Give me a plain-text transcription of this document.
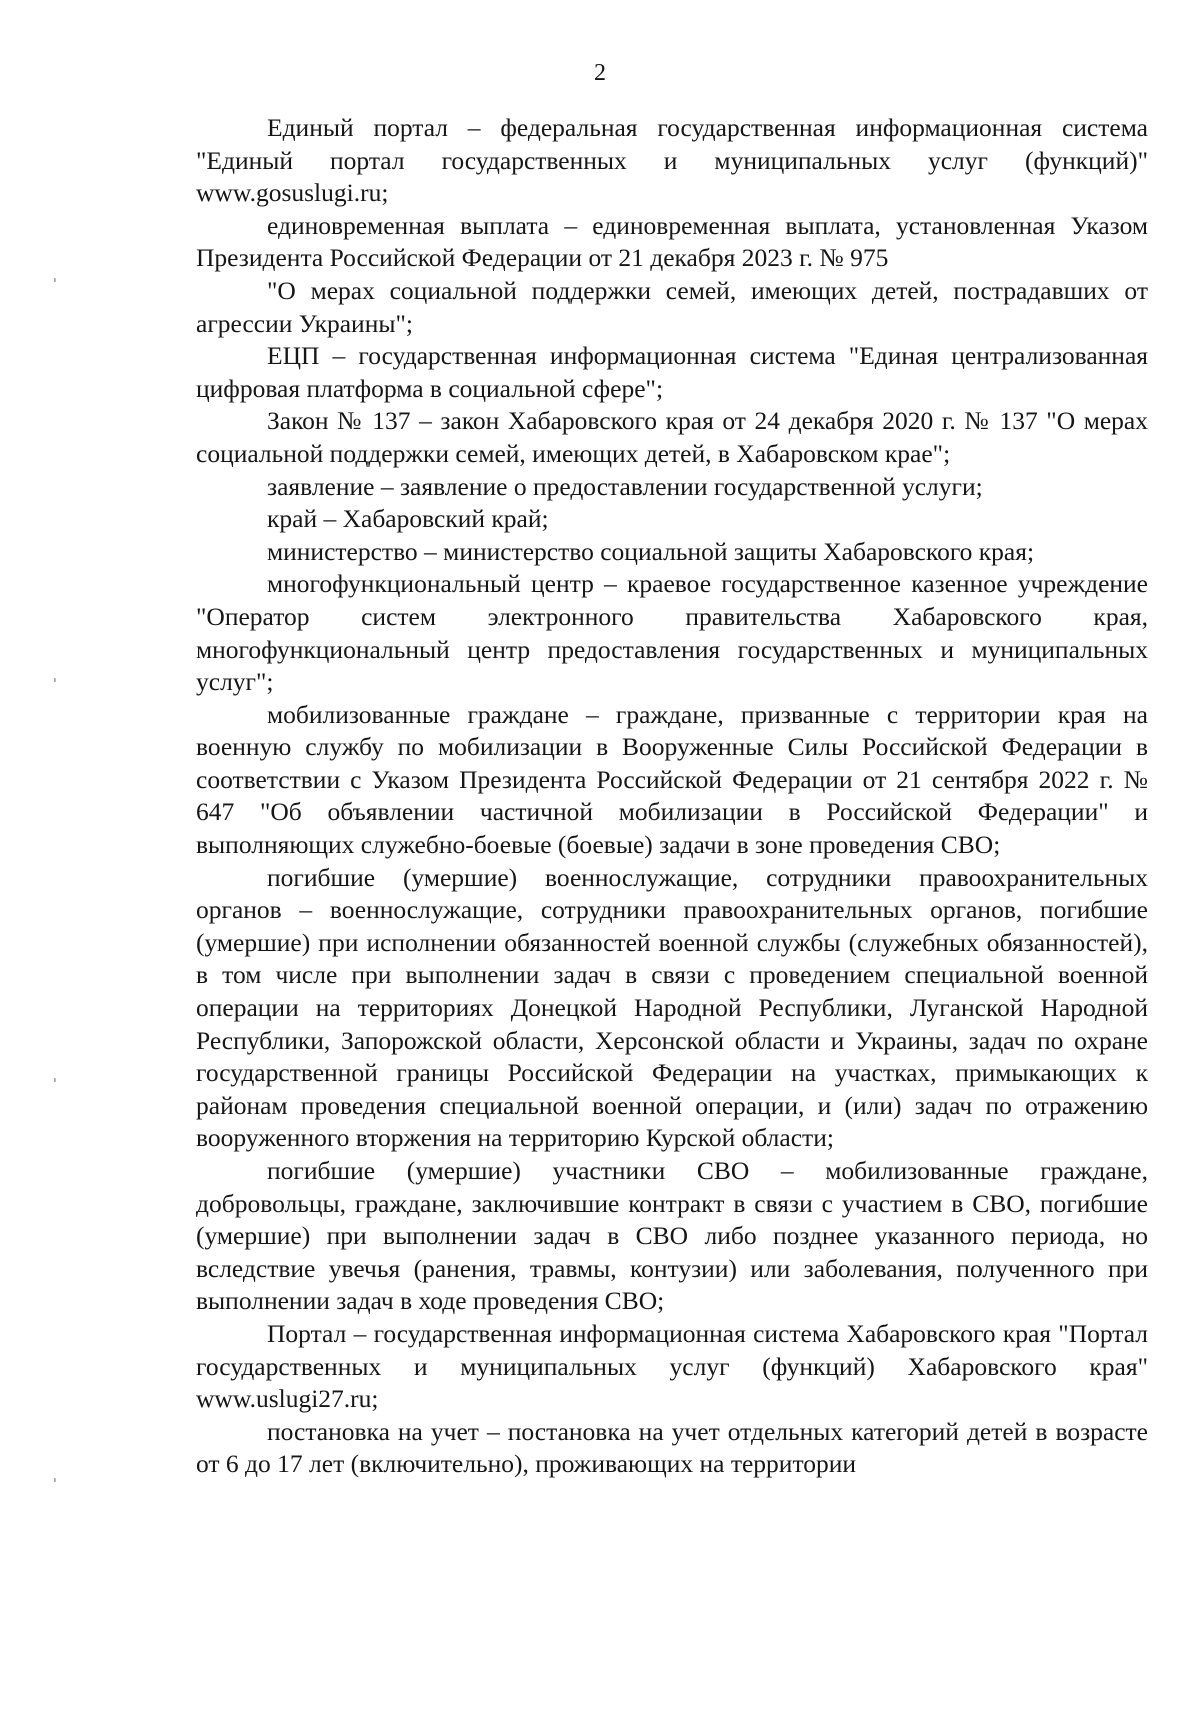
2

Единый портал – федеральная государственная информационная система "Единый портал государственных и муниципальных услуг (функций)" www.gosuslugi.ru;

единовременная выплата – единовременная выплата, установленная Указом Президента Российской Федерации от 21 декабря 2023 г. № 975

"О мерах социальной поддержки семей, имеющих детей, пострадавших от агрессии Украины";

ЕЦП – государственная информационная система "Единая централизованная цифровая платформа в социальной сфере";

Закон № 137 – закон Хабаровского края от 24 декабря 2020 г. № 137 "О мерах социальной поддержки семей, имеющих детей, в Хабаровском крае";

заявление – заявление о предоставлении государственной услуги;

край – Хабаровский край;

министерство – министерство социальной защиты Хабаровского края;

многофункциональный центр – краевое государственное казенное учреждение "Оператор систем электронного правительства Хабаровского края, многофункциональный центр предоставления государственных и муниципальных услуг";

мобилизованные граждане – граждане, призванные с территории края на военную службу по мобилизации в Вооруженные Силы Российской Федерации в соответствии с Указом Президента Российской Федерации от 21 сентября 2022 г. № 647 "Об объявлении частичной мобилизации в Российской Федерации" и выполняющих служебно-боевые (боевые) задачи в зоне проведения СВО;

погибшие (умершие) военнослужащие, сотрудники правоохранительных органов – военнослужащие, сотрудники правоохранительных органов, погибшие (умершие) при исполнении обязанностей военной службы (служебных обязанностей), в том числе при выполнении задач в связи с проведением специальной военной операции на территориях Донецкой Народной Республики, Луганской Народной Республики, Запорожской области, Херсонской области и Украины, задач по охране государственной границы Российской Федерации на участках, примыкающих к районам проведения специальной военной операции, и (или) задач по отражению вооруженного вторжения на территорию Курской области;

погибшие (умершие) участники СВО – мобилизованные граждане, добровольцы, граждане, заключившие контракт в связи с участием в СВО, погибшие (умершие) при выполнении задач в СВО либо позднее указанного периода, но вследствие увечья (ранения, травмы, контузии) или заболевания, полученного при выполнении задач в ходе проведения СВО;

Портал – государственная информационная система Хабаровского края "Портал государственных и муниципальных услуг (функций) Хабаровского края" www.uslugi27.ru;

постановка на учет – постановка на учет отдельных категорий детей в возрасте от 6 до 17 лет (включительно), проживающих на территории

ˌ
ˌ
ˌ
ˌ
